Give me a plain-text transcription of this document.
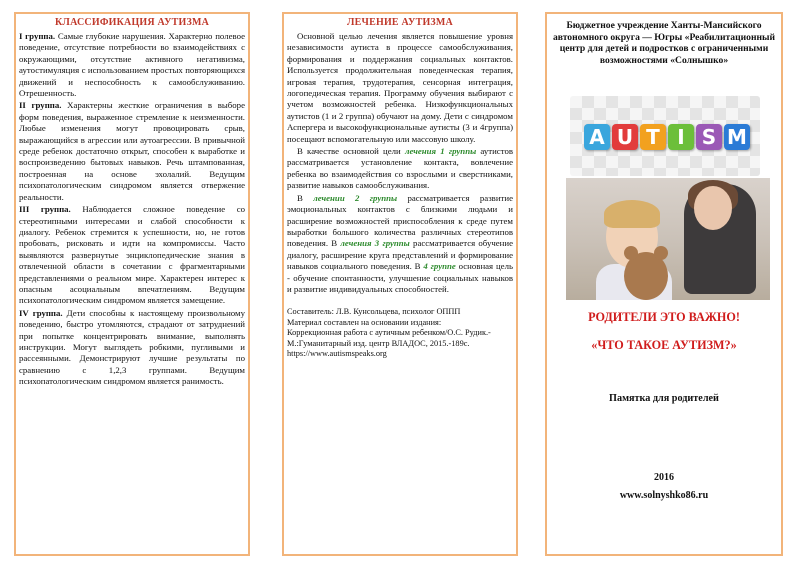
КЛАССИФИКАЦИЯ АУТИЗМА

I группа. Самые глубокие нарушения. Характерно полевое поведение, отсутствие потребности во взаимодействиях с окружающими, отсутствие активного негативизма, аутостимуляция с использованием простых повторяющихся движений и неспособность к самообслуживанию. Отрешенность.

II группа. Характерны жесткие ограничения в выборе форм поведения, выраженное стремление к неизменности. Любые изменения могут провоцировать срыв, выражающийся в агрессии или аутоагрессии. В привычной среде ребенок достаточно открыт, способен к выработке и воспроизведению бытовых навыков. Речь штампованная, построенная на основе эхолалий. Ведущим психопатологическим синдромом является отвержение реальности.

III группа. Наблюдается сложное поведение со стереотипными интересами и слабой способности к диалогу. Ребенок стремится к успешности, но, не готов пробовать, рисковать и идти на компромиссы. Часто выявляются развернутые энциклопедические знания в отвлеченной области в сочетании с фрагментарными представлениями о реальном мире. Характерен интерес к опасным асоциальным впечатлениям. Ведущим психопатологическим синдромом является замещение.

IV группа. Дети способны к настоящему произвольному поведению, быстро утомляются, страдают от затруднений при попытке концентрировать внимание, выполнять инструкции. Могут выглядеть робкими, пугливыми и рассеянными. Демонстрируют лучшие результаты по сравнению с 1,2,3 группами. Ведущим психопатологическим синдромом является ранимость.

ЛЕЧЕНИЕ АУТИЗМА

Основной целью лечения является повышение уровня независимости аутиста в процессе самообслуживания, формирования и поддержания социальных контактов. Используется продолжительная поведенческая терапия, игровая терапия, трудотерапия, сенсорная интеграция, логопедическая терапия. Программу обучения выбирают с учетом возможностей ребенка. Низкофункциональных аутистов (1 и 2 группа) обучают на дому. Дети с синдромом Аспергера и высокофункциональные аутисты (3 и 4группа) посещают вспомогательную или массовую школу.

В качестве основной цели лечения 1 группы аутистов рассматривается установление контакта, вовлечение ребенка во взаимодействия со взрослыми и сверстниками, развитие навыков самообслуживания.

В лечении 2 группы рассматривается развитие эмоциональных контактов с близкими людьми и расширение возможностей приспособления к среде путем выработки большого количества различных стереотипов поведения. В лечения 3 группы рассматривается обучение диалогу, расширение круга представлений и формирование навыков социального поведения. В 4 группе основная цель - обучение спонтанности, улучшение социальных навыков и развитие индивидуальных способностей.

Составитель: Л.В. Кунсольцева, психолог ОППП
Материал составлен на основании издания:
Коррекционная работа с аутичным ребенком/О.С. Рудик.-М.:Гуманитарный изд. центр ВЛАДОС, 2015.-189с.
https://www.autismspeaks.org
Бюджетное учреждение Ханты-Мансийского автономного округа — Югры «Реабилитационный центр для детей и подростков с ограниченными возможностями «Солнышко»
A U T I S M
РОДИТЕЛИ ЭТО ВАЖНО!
«ЧТО ТАКОЕ АУТИЗМ?»
Памятка для родителей
2016
www.solnyshko86.ru
